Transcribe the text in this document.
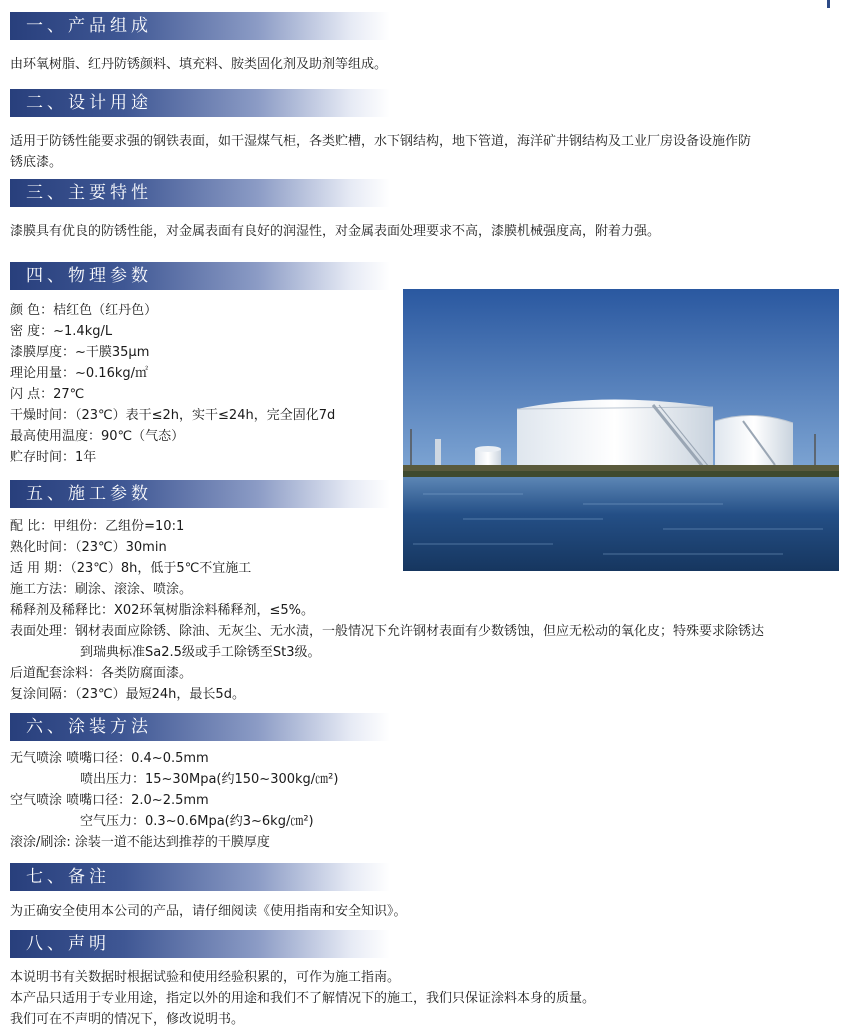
一、产品组成
由环氧树脂、红丹防锈颜料、填充料、胺类固化剂及助剂等组成。
二、设计用途
适用于防锈性能要求强的钢铁表面，如干湿煤气柜，各类贮槽，水下钢结构，地下管道，海洋矿井钢结构及工业厂房设备设施作防
锈底漆。
三、主要特性
漆膜具有优良的防锈性能，对金属表面有良好的润湿性，对金属表面处理要求不高，漆膜机械强度高，附着力强。
四、物理参数
颜 色：桔红色（红丹色）
密 度：~1.4kg/L
漆膜厚度：~干膜35μm
理论用量：~0.16kg/㎡
闪 点：27℃
干燥时间：（23℃）表干≤2h，实干≤24h，完全固化7d
最高使用温度：90℃（气态）
贮存时间：1年
五、施工参数
配 比：甲组份：乙组份=10:1
熟化时间：（23℃）30min
适 用 期：（23℃）8h，低于5℃不宜施工
施工方法：刷涂、滚涂、喷涂。
稀释剂及稀释比：X02环氧树脂涂料稀释剂，≤5%。
表面处理：钢材表面应除锈、除油、无灰尘、无水渍，一般情况下允许钢材表面有少数锈蚀，但应无松动的氧化皮；特殊要求除锈达
到瑞典标准Sa2.5级或手工除锈至St3级。
后道配套涂料：各类防腐面漆。
复涂间隔：（23℃）最短24h，最长5d。
六、涂装方法
无气喷涂 喷嘴口径：0.4~0.5mm
喷出压力：15~30Mpa(约150~300kg/㎝²)
空气喷涂 喷嘴口径：2.0~2.5mm
空气压力：0.3~0.6Mpa(约3~6kg/㎝²)
滚涂/刷涂: 涂装一道不能达到推荐的干膜厚度
七、备注
为正确安全使用本公司的产品，请仔细阅读《使用指南和安全知识》。
八、声明
本说明书有关数据时根据试验和使用经验积累的，可作为施工指南。
本产品只适用于专业用途，指定以外的用途和我们不了解情况下的施工，我们只保证涂料本身的质量。
我们可在不声明的情况下，修改说明书。
